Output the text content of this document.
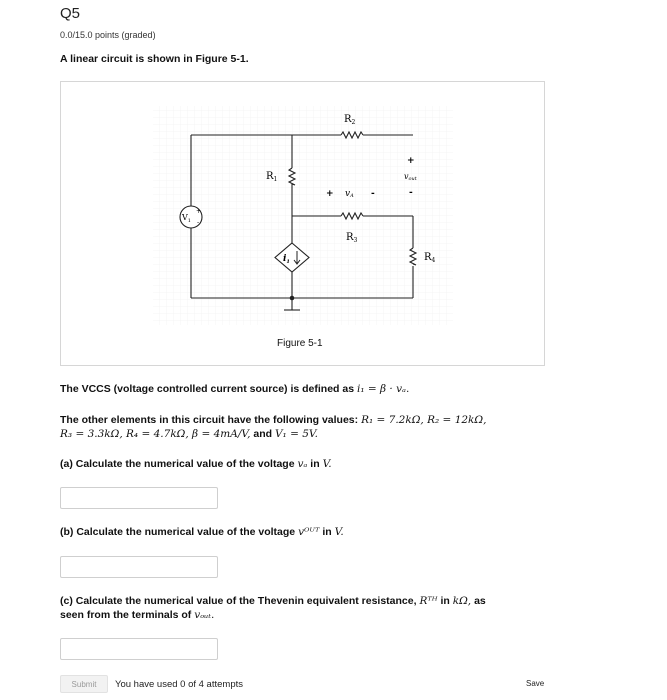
Q5
0.0/15.0 points (graded)
A linear circuit is shown in Figure 5-1.
$R_2$
$R_3$
$R_1$
$R_4$
$V_1$
+
-
+ vA -
+
vout
-
$i_1$
Figure 5-1
The VCCS (voltage controlled current source) is defined as i₁ = β · vₐ.
The other elements in this circuit have the following values: R₁ = 7.2kΩ, R₂ = 12kΩ,
R₃ = 3.3kΩ, R₄ = 4.7kΩ, β = 4mA/V, and V₁ = 5V.
(a) Calculate the numerical value of the voltage vₐ in V.
(b) Calculate the numerical value of the voltage vᴼᵁᵀ in V.
(c) Calculate the numerical value of the Thevenin equivalent resistance, Rᵀᴴ in kΩ, as
seen from the terminals of vₒᵤₜ.
Submit	You have used 0 of 4 attempts	Save
